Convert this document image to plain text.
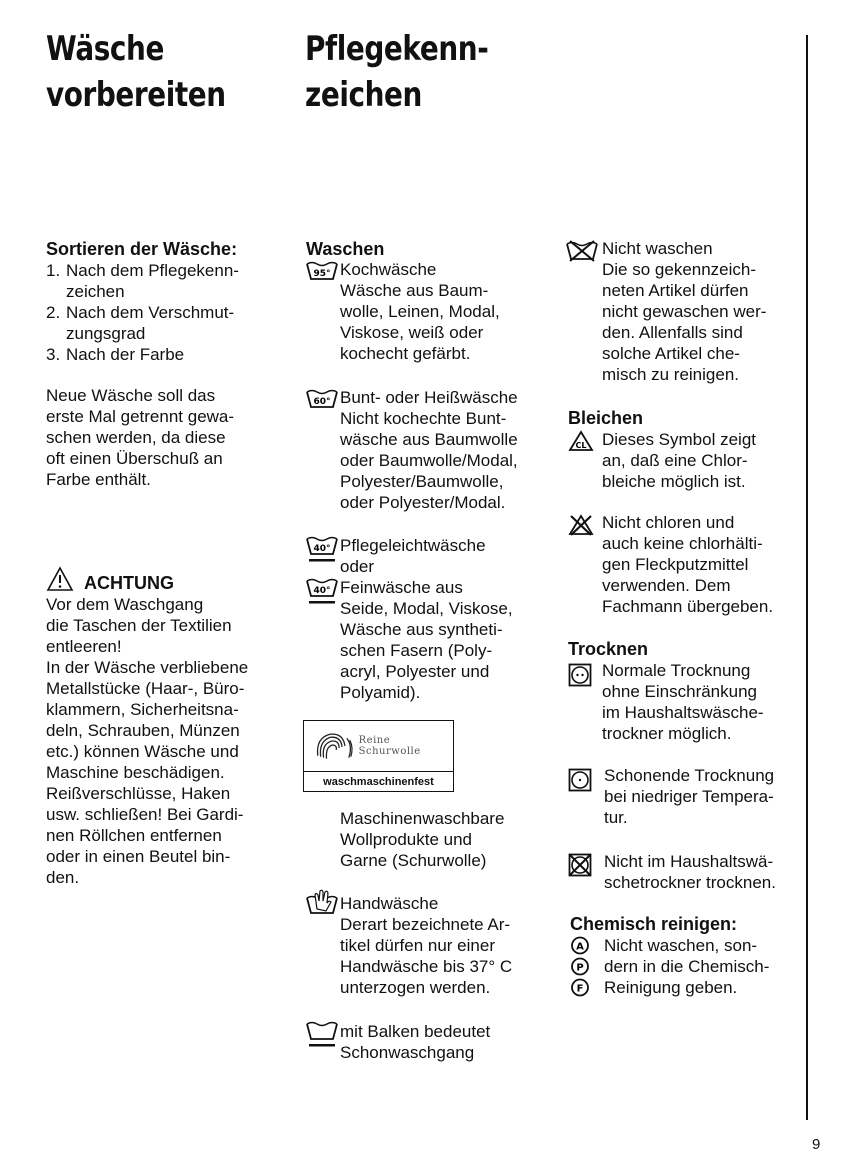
Wäsche
vorbereiten
Pflegekenn-
zeichen
Sortieren der Wäsche:
1. Nach dem Pflegekenn-
zeichen
2. Nach dem Verschmut-
zungsgrad
3. Nach der Farbe
Neue Wäsche soll das
erste Mal getrennt gewa-
schen werden, da diese
oft einen Überschuß an
Farbe enthält.
ACHTUNG
Vor dem Waschgang
die Taschen der Textilien
entleeren!
In der Wäsche verbliebene
Metallstücke (Haar-, Büro-
klammern, Sicherheitsna-
deln, Schrauben, Münzen
etc.) können Wäsche und
Maschine beschädigen.
Reißverschlüsse, Haken
usw. schließen! Bei Gardi-
nen Röllchen entfernen
oder in einen Beutel bin-
den.
Waschen
95° Kochwäsche
Wäsche aus Baum-
wolle, Leinen, Modal,
Viskose, weiß oder
kochecht gefärbt.
60° Bunt- oder Heißwäsche
Nicht kochechte Bunt-
wäsche aus Baumwolle
oder Baumwolle/Modal,
Polyester/Baumwolle,
oder Polyester/Modal.
40° Pflegeleichtwäsche
oder
40° Feinwäsche aus
Seide, Modal, Viskose,
Wäsche aus syntheti-
schen Fasern (Poly-
acryl, Polyester und
Polyamid).
Reine Schurwolle
waschmaschinenfest
Maschinenwaschbare
Wollprodukte und
Garne (Schurwolle)
Handwäsche
Derart bezeichnete Ar-
tikel dürfen nur einer
Handwäsche bis 37° C
unterzogen werden.
mit Balken bedeutet
Schonwaschgang
Nicht waschen
Die so gekennzeich-
neten Artikel dürfen
nicht gewaschen wer-
den. Allenfalls sind
solche Artikel che-
misch zu reinigen.
Bleichen
CL Dieses Symbol zeigt
an, daß eine Chlor-
bleiche möglich ist.
Nicht chloren und
auch keine chlorhälti-
gen Fleckputzmittel
verwenden. Dem
Fachmann übergeben.
Trocknen
Normale Trocknung
ohne Einschränkung
im Haushaltswäsche-
trockner möglich.
Schonende Trocknung
bei niedriger Tempera-
tur.
Nicht im Haushaltswä-
schetrockner trocknen.
Chemisch reinigen:
A
P
F
Nicht waschen, son-
dern in die Chemisch-
Reinigung geben.
9
